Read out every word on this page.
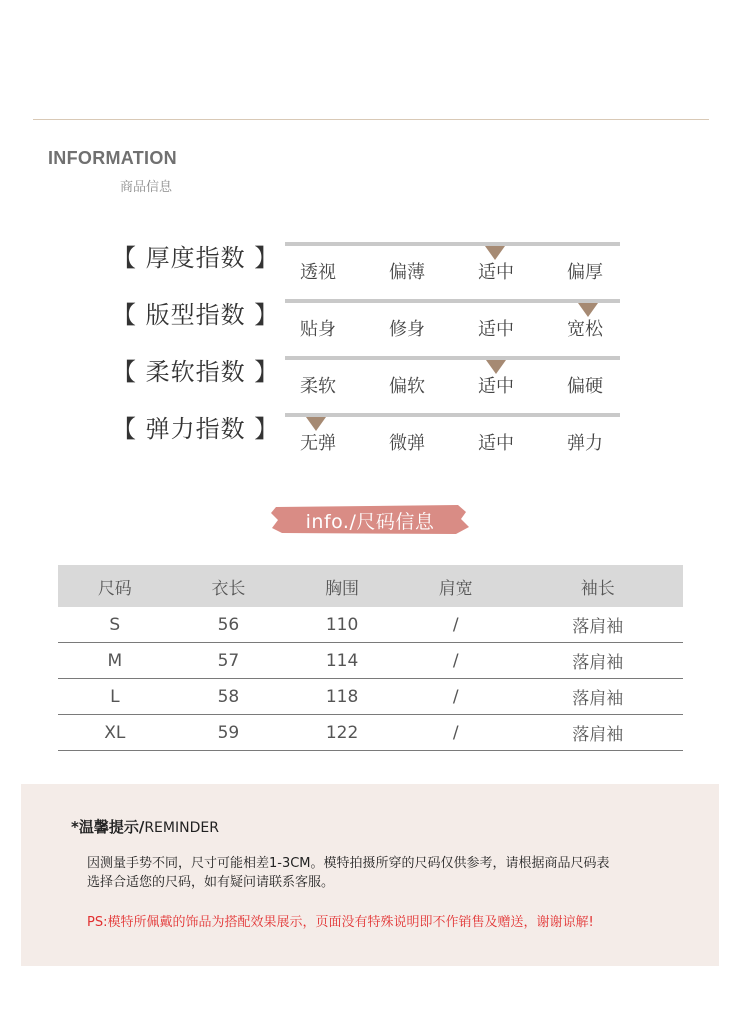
INFORMATION
商品信息
【 厚度指数 】
透视	偏薄	适中	偏厚
【 版型指数 】
贴身	修身	适中	宽松
【 柔软指数 】
柔软	偏软	适中	偏硬
【 弹力指数 】
无弹	微弹	适中	弹力
info./尺码信息
尺码	衣长	胸围	肩宽	袖长
S	56	110	/	落肩袖
M	57	114	/	落肩袖
L	58	118	/	落肩袖
XL	59	122	/	落肩袖
*温馨提示/REMINDER
因测量手势不同，尺寸可能相差1-3CM。模特拍摄所穿的尺码仅供参考，请根据商品尺码表
选择合适您的尺码，如有疑问请联系客服。
PS:模特所佩戴的饰品为搭配效果展示，页面没有特殊说明即不作销售及赠送，谢谢谅解!
